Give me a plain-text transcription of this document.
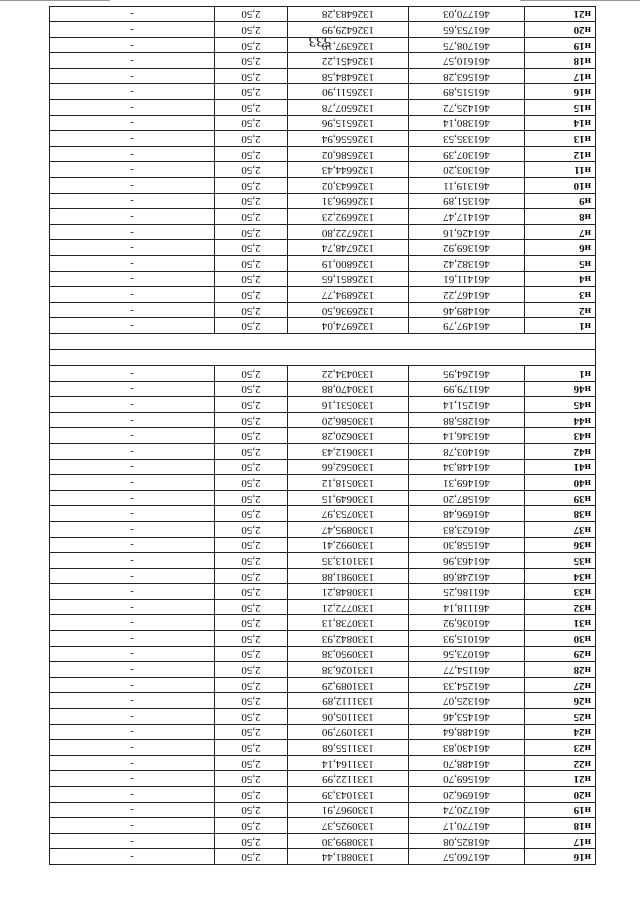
533
н16	461760,57	1330881,44	2,50	-
н17	461825,08	1330899,30	2,50	-
н18	461770,17	1330925,37	2,50	-
н19	461720,74	1330967,91	2,50	-
н20	461696,20	1331043,39	2,50	-
н21	461569,70	1331122,99	2,50	-
н22	461488,70	1331164,14	2,50	-
н23	461430,83	1331155,68	2,50	-
н24	461488,64	1331097,90	2,50	-
н25	461453,46	1331105,06	2,50	-
н26	461325,07	1331112,89	2,50	-
н27	461254,33	1331089,29	2,50	-
н28	461154,77	1331026,38	2,50	-
н29	461073,56	1330950,38	2,50	-
н30	461015,93	1330842,93	2,50	-
н31	461036,92	1330738,13	2,50	-
н32	461118,14	1330772,21	2,50	-
н33	461186,25	1330848,21	2,50	-
н34	461248,68	1330981,88	2,50	-
н35	461463,96	1331013,35	2,50	-
н36	461558,30	1330992,41	2,50	-
н37	461623,83	1330895,47	2,50	-
н38	461696,48	1330753,97	2,50	-
н39	461587,20	1330649,15	2,50	-
н40	461469,31	1330518,12	2,50	-
н41	461448,34	1330562,66	2,50	-
н42	461403,78	1330612,43	2,50	-
н43	461346,14	1330620,28	2,50	-
н44	461285,88	1330586,20	2,50	-
н45	461251,14	1330531,16	2,50	-
н46	461179,99	1330470,88	2,50	-
н1	461264,95	1330434,22	2,50	-

н1	461497,79	1326974,04	2,50	-
н2	461489,46	1326936,50	2,50	-
н3	461467,22	1326894,77	2,50	-
н4	461411,61	1326851,65	2,50	-
н5	461382,42	1326800,19	2,50	-
н6	461369,92	1326748,74	2,50	-
н7	461426,16	1326722,80	2,50	-
н8	461417,47	1326692,23	2,50	-
н9	461351,89	1326696,31	2,50	-
н10	461319,11	1326643,02	2,50	-
н11	461303,20	1326644,43	2,50	-
н12	461307,39	1326586,02	2,50	-
н13	461335,53	1326556,94	2,50	-
н14	461380,14	1326515,96	2,50	-
н15	461425,72	1326507,78	2,50	-
н16	461515,89	1326511,90	2,50	-
н17	461563,28	1326484,58	2,50	-
н18	461610,57	1326451,22	2,50	-
н19	461708,75	1326397,19	2,50	-
н20	461753,65	1326429,99	2,50	-
н21	461770,03	1326483,28	2,50	-
